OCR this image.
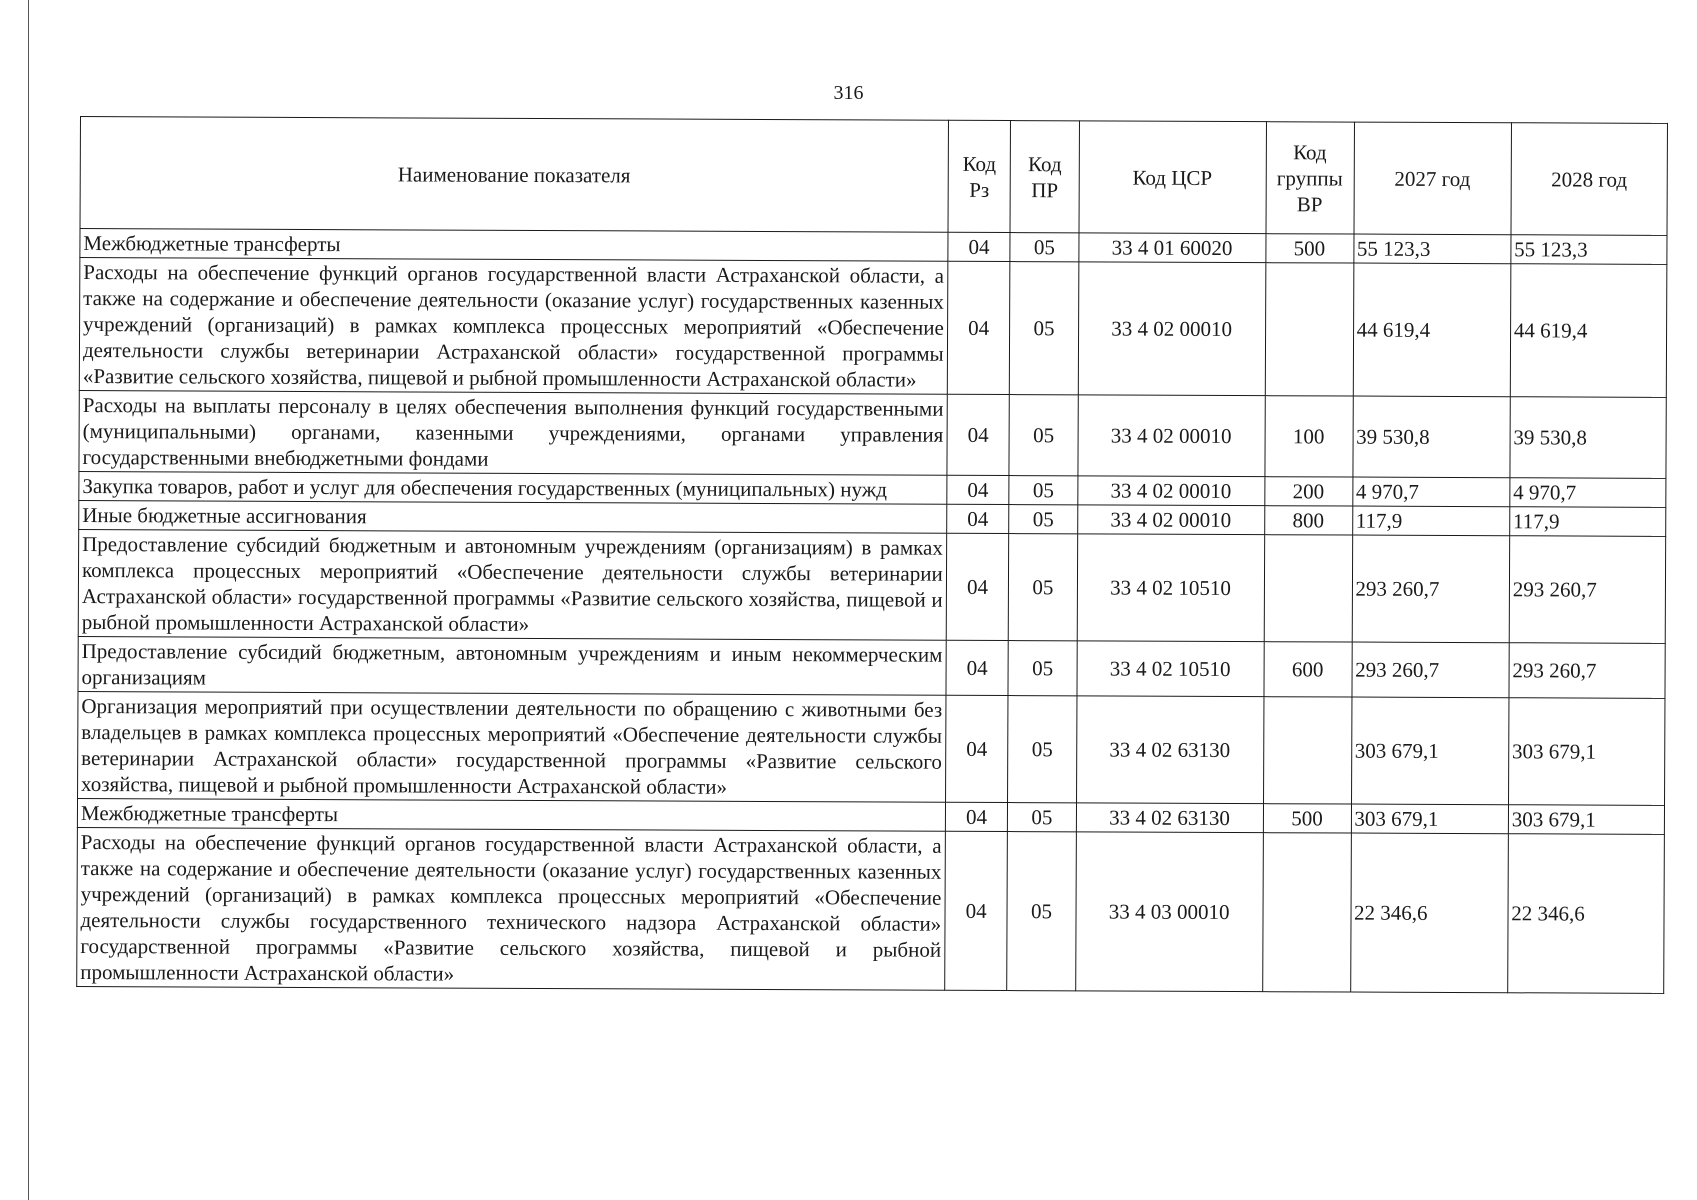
316
Наименование показателя	Код Рз	Код ПР	Код ЦСР	Код группы ВР	2027 год	2028 год
Межбюджетные трансферты	04	05	33 4 01 60020	500	55 123,3	55 123,3
Расходы на обеспечение функций органов государственной власти Астраханской области, а также на содержание и обеспечение деятельности (оказание услуг) государственных казенных учреждений (организаций) в рамках комплекса процессных мероприятий «Обеспечение деятельности службы ветеринарии Астраханской области» государственной программы «Развитие сельского хозяйства, пищевой и рыбной промышленности Астраханской области»	04	05	33 4 02 00010		44 619,4	44 619,4
Расходы на выплаты персоналу в целях обеспечения выполнения функций государственными (муниципальными) органами, казенными учреждениями, органами управления государственными внебюджетными фондами	04	05	33 4 02 00010	100	39 530,8	39 530,8
Закупка товаров, работ и услуг для обеспечения государственных (муниципальных) нужд	04	05	33 4 02 00010	200	4 970,7	4 970,7
Иные бюджетные ассигнования	04	05	33 4 02 00010	800	117,9	117,9
Предоставление субсидий бюджетным и автономным учреждениям (организациям) в рамках комплекса процессных мероприятий «Обеспечение деятельности службы ветеринарии Астраханской области» государственной программы «Развитие сельского хозяйства, пищевой и рыбной промышленности Астраханской области»	04	05	33 4 02 10510		293 260,7	293 260,7
Предоставление субсидий бюджетным, автономным учреждениям и иным некоммерческим организациям	04	05	33 4 02 10510	600	293 260,7	293 260,7
Организация мероприятий при осуществлении деятельности по обращению с животными без владельцев в рамках комплекса процессных мероприятий «Обеспечение деятельности службы ветеринарии Астраханской области» государственной программы «Развитие сельского хозяйства, пищевой и рыбной промышленности Астраханской области»	04	05	33 4 02 63130		303 679,1	303 679,1
Межбюджетные трансферты	04	05	33 4 02 63130	500	303 679,1	303 679,1
Расходы на обеспечение функций органов государственной власти Астраханской области, а также на содержание и обеспечение деятельности (оказание услуг) государственных казенных учреждений (организаций) в рамках комплекса процессных мероприятий «Обеспечение деятельности службы государственного технического надзора Астраханской области» государственной программы «Развитие сельского хозяйства, пищевой и рыбной промышленности Астраханской области»	04	05	33 4 03 00010		22 346,6	22 346,6
